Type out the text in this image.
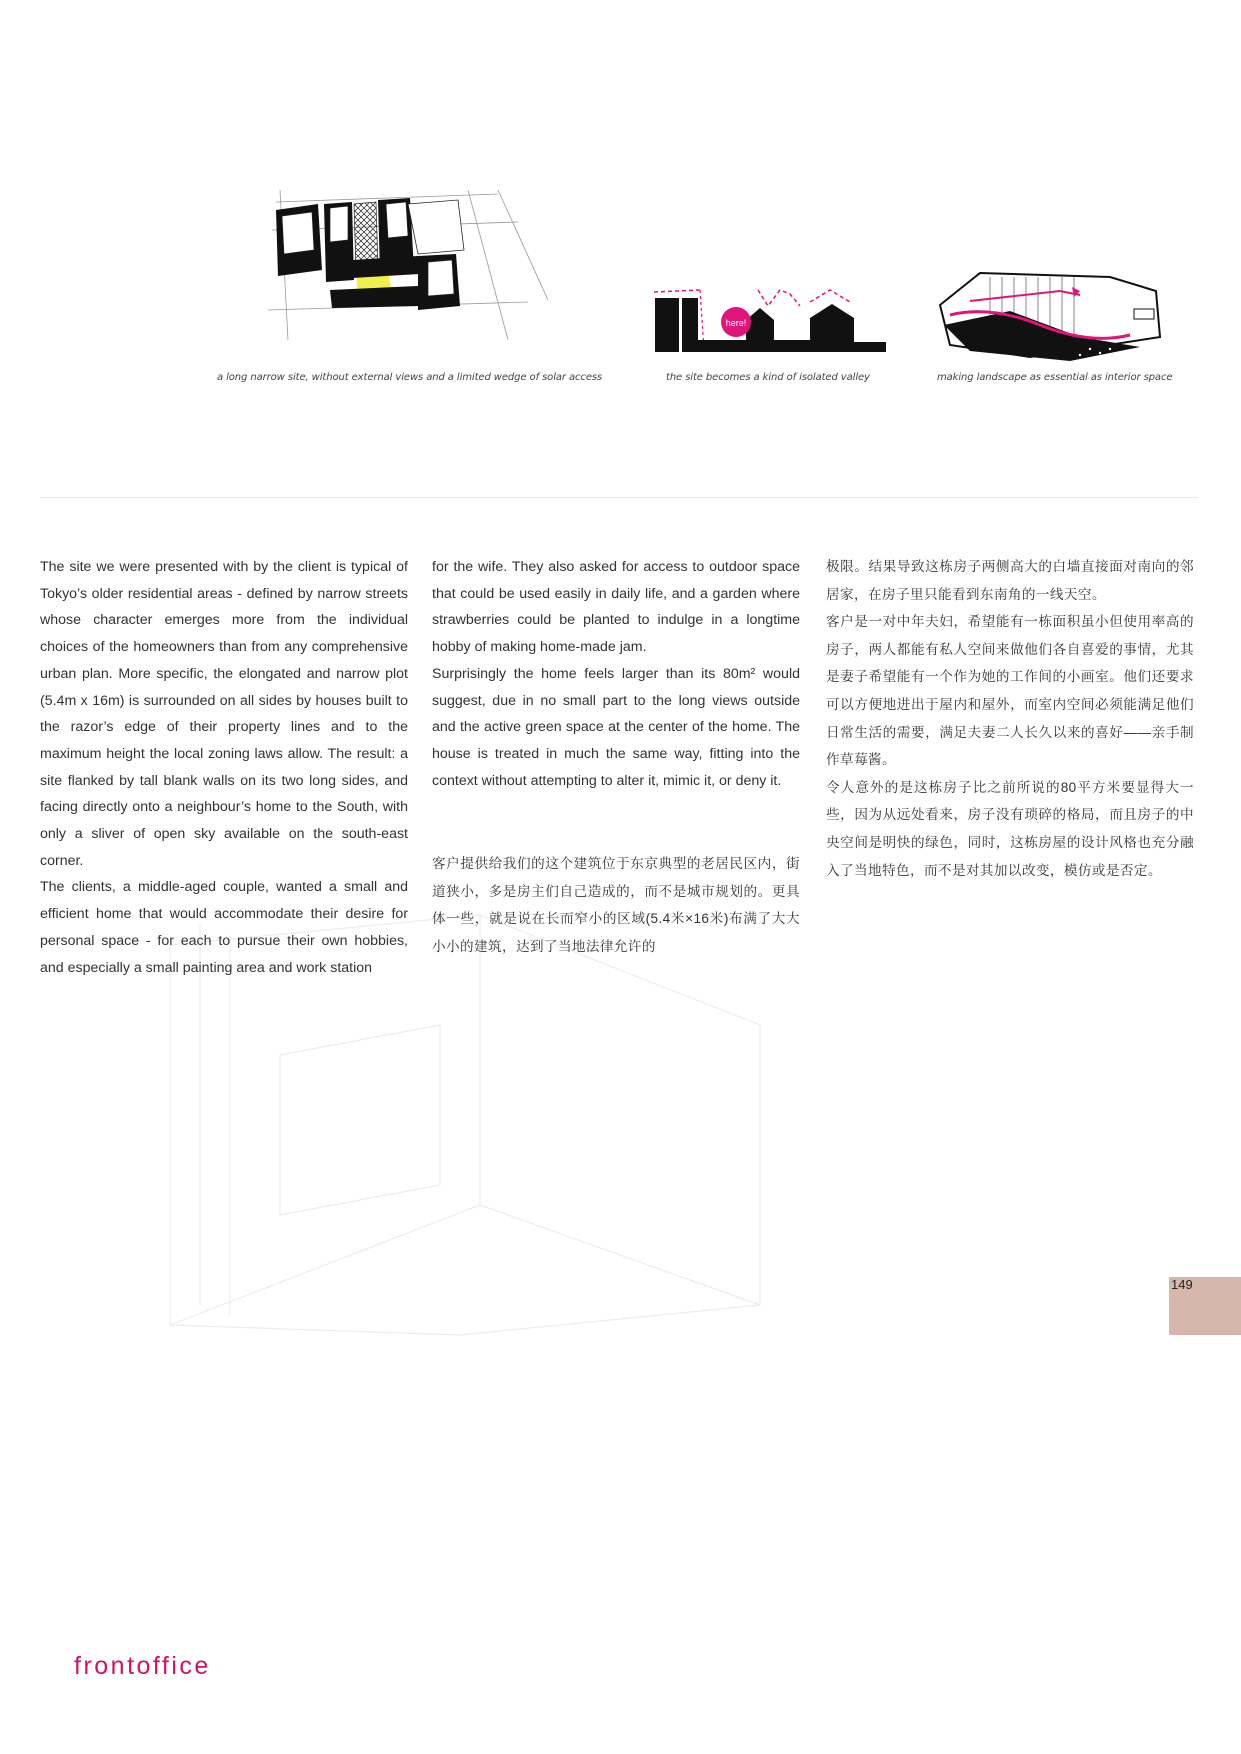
a long narrow site, without external views and a limited wedge of solar access
here!
the site becomes a kind of isolated valley	making landscape as essential as interior space

The site we were presented with by the client is typical of Tokyo’s older residential areas - defined by narrow streets whose character emerges more from the individual choices of the homeowners than from any comprehensive urban plan. More specific, the elongated and narrow plot (5.4m x 16m) is surrounded on all sides by houses built to the razor’s edge of their property lines and to the maximum height the local zoning laws allow. The result: a site flanked by tall blank walls on its two long sides, and facing directly onto a neighbour’s home to the South, with only a sliver of open sky available on the south-east corner.

The clients, a middle-aged couple, wanted a small and efficient home that would accommodate their desire for personal space - for each to pursue their own hobbies, and especially a small painting area and work station

for the wife. They also asked for access to outdoor space that could be used easily in daily life, and a garden where strawberries could be planted to indulge in a longtime hobby of making home-made jam.

Surprisingly the home feels larger than its 80m² would suggest, due in no small part to the long views outside and the active green space at the center of the home. The house is treated in much the same way, fitting into the context without attempting to alter it, mimic it, or deny it.

客户提供给我们的这个建筑位于东京典型的老居民区内，街道狭小，多是房主们自己造成的，而不是城市规划的。更具体一些，就是说在长而窄小的区域(5.4米×16米)布满了大大小小的建筑，达到了当地法律允许的

极限。结果导致这栋房子两侧高大的白墙直接面对南向的邻居家，在房子里只能看到东南角的一线天空。

客户是一对中年夫妇，希望能有一栋面积虽小但使用率高的房子，两人都能有私人空间来做他们各自喜爱的事情，尤其是妻子希望能有一个作为她的工作间的小画室。他们还要求可以方便地进出于屋内和屋外，而室内空间必须能满足他们日常生活的需要，满足夫妻二人长久以来的喜好——亲手制作草莓酱。

令人意外的是这栋房子比之前所说的80平方米要显得大一些，因为从远处看来，房子没有琐碎的格局，而且房子的中央空间是明快的绿色，同时，这栋房屋的设计风格也充分融入了当地特色，而不是对其加以改变，模仿或是否定。

149
frontoffice
